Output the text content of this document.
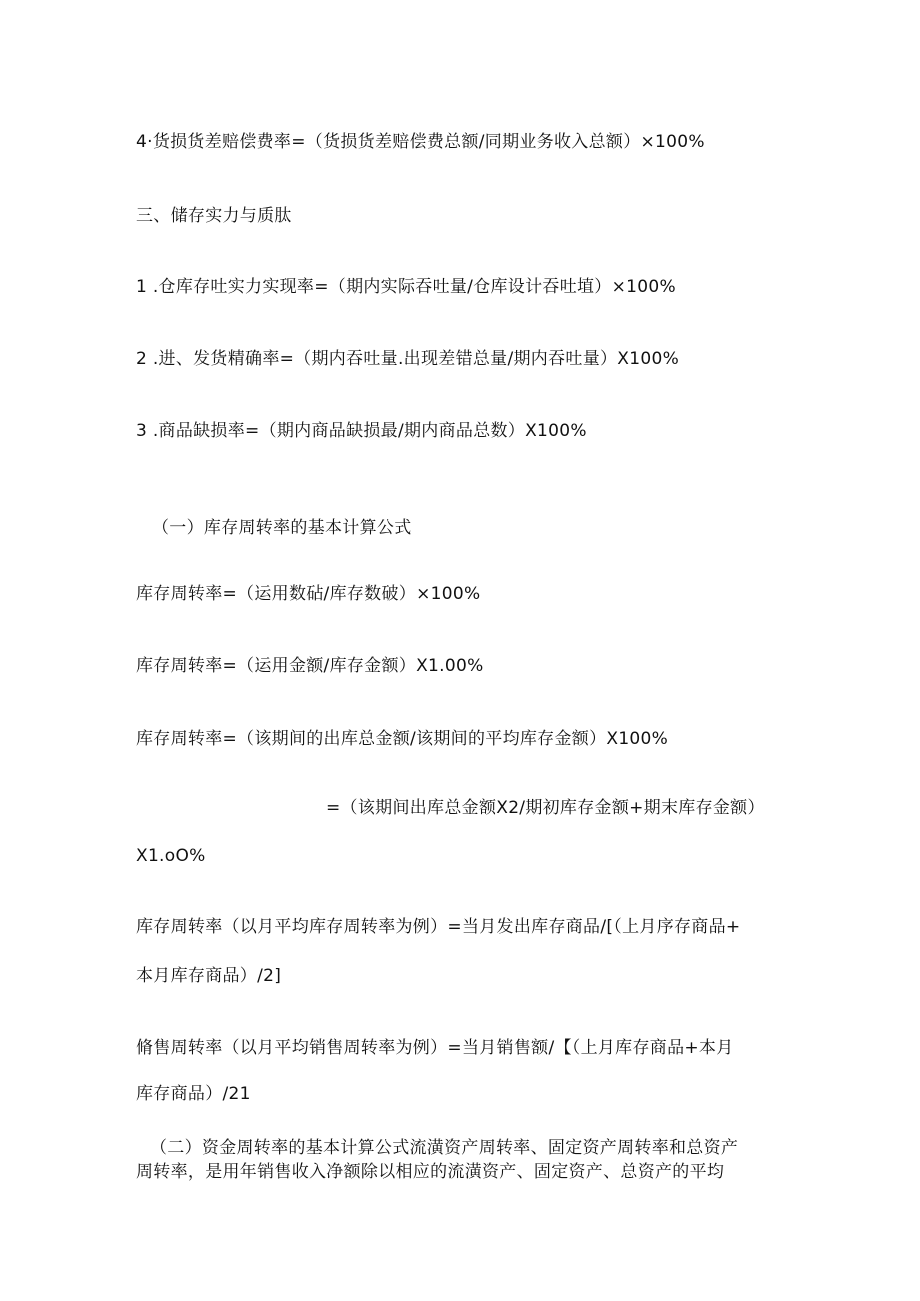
4·货损货差赔偿费率=（货损货差赔偿费总额/同期业务收入总额）×100%
三、储存实力与质肽
1 .仓库存吐实力实现率=（期内实际吞吐量/仓库设计吞吐埴）×100%
2 .进、发货精确率=（期内吞吐量.出现差错总量/期内吞吐量）X100%
3 .商品缺损率=（期内商品缺损最/期内商品总数）X100%
（一）库存周转率的基本计算公式
库存周转率=（运用数砧/库存数破）×100%
库存周转率=（运用金额/库存金额）X1.00%
库存周转率=（该期间的出库总金额/该期间的平均库存金额）X100%
=（该期间出库总金额X2/期初库存金额+期末库存金额）
X1.oO%
库存周转率（以月平均库存周转率为例）=当月发出库存商品/[（上月序存商品+
本月库存商品）/2]
脩售周转率（以月平均销售周转率为例）=当月销售额/【（上月库存商品+本月
库存商品）/21
（二）资金周转率的基本计算公式流潢资产周转率、固定资产周转率和总资产
周转率，是用年销售收入净额除以相应的流潢资产、固定资产、总资产的平均
